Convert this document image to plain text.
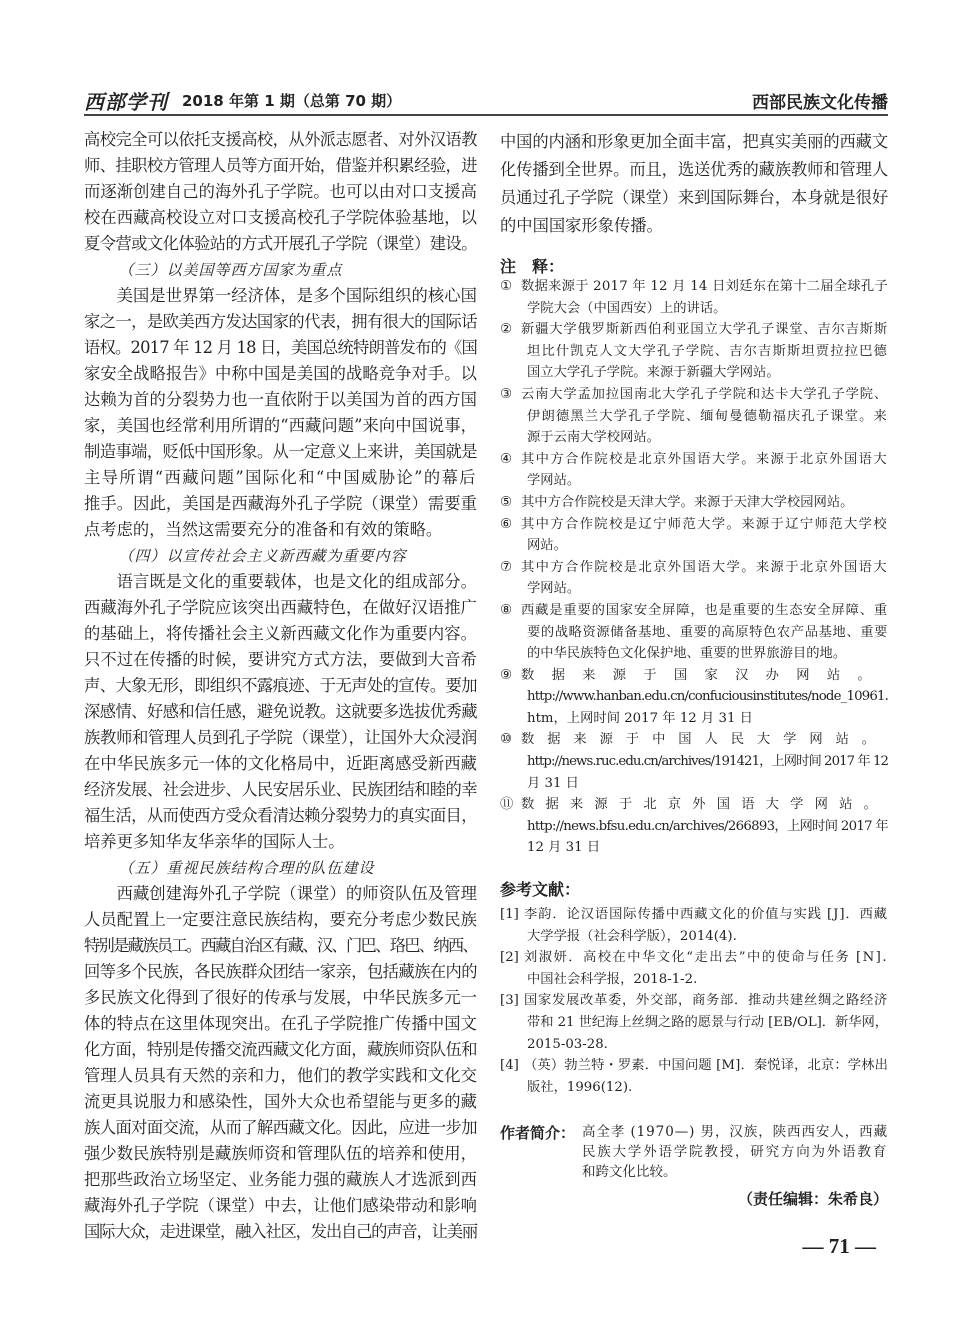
西部学刊 2018 年第 1 期（总第 70 期）	西部民族文化传播
高校完全可以依托支援高校，从外派志愿者、对外汉语教
师、挂职校方管理人员等方面开始，借鉴并积累经验，进
而逐渐创建自己的海外孔子学院。也可以由对口支援高
校在西藏高校设立对口支援高校孔子学院体验基地，以
夏令营或文化体验站的方式开展孔子学院（课堂）建设。
（三）以美国等西方国家为重点
美国是世界第一经济体，是多个国际组织的核心国
家之一，是欧美西方发达国家的代表，拥有很大的国际话
语权。2017 年 12 月 18 日，美国总统特朗普发布的《国
家安全战略报告》中称中国是美国的战略竞争对手。以
达赖为首的分裂势力也一直依附于以美国为首的西方国
家，美国也经常利用所谓的“西藏问题”来向中国说事，
制造事端，贬低中国形象。从一定意义上来讲，美国就是
主导所谓“西藏问题”国际化和“中国威胁论”的幕后
推手。因此，美国是西藏海外孔子学院（课堂）需要重
点考虑的，当然这需要充分的准备和有效的策略。
（四）以宣传社会主义新西藏为重要内容
语言既是文化的重要载体，也是文化的组成部分。
西藏海外孔子学院应该突出西藏特色，在做好汉语推广
的基础上，将传播社会主义新西藏文化作为重要内容。
只不过在传播的时候，要讲究方式方法，要做到大音希
声、大象无形，即组织不露痕迹、于无声处的宣传。要加
深感情、好感和信任感，避免说教。这就要多选拔优秀藏
族教师和管理人员到孔子学院（课堂），让国外大众浸润
在中华民族多元一体的文化格局中，近距离感受新西藏
经济发展、社会进步、人民安居乐业、民族团结和睦的幸
福生活，从而使西方受众看清达赖分裂势力的真实面目，
培养更多知华友华亲华的国际人士。
（五）重视民族结构合理的队伍建设
西藏创建海外孔子学院（课堂）的师资队伍及管理
人员配置上一定要注意民族结构，要充分考虑少数民族
特别是藏族员工。西藏自治区有藏、汉、门巴、珞巴、纳西、
回等多个民族，各民族群众团结一家亲，包括藏族在内的
多民族文化得到了很好的传承与发展，中华民族多元一
体的特点在这里体现突出。在孔子学院推广传播中国文
化方面，特别是传播交流西藏文化方面，藏族师资队伍和
管理人员具有天然的亲和力，他们的教学实践和文化交
流更具说服力和感染性，国外大众也希望能与更多的藏
族人面对面交流，从而了解西藏文化。因此，应进一步加
强少数民族特别是藏族师资和管理队伍的培养和使用，
把那些政治立场坚定、业务能力强的藏族人才选派到西
藏海外孔子学院（课堂）中去，让他们感染带动和影响
国际大众，走进课堂，融入社区，发出自己的声音，让美丽
中国的内涵和形象更加全面丰富，把真实美丽的西藏文
化传播到全世界。而且，选送优秀的藏族教师和管理人
员通过孔子学院（课堂）来到国际舞台，本身就是很好
的中国国家形象传播。
注　释：
① 数据来源于 2017 年 12 月 14 日刘廷东在第十二届全球孔子
学院大会（中国西安）上的讲话。
② 新疆大学俄罗斯新西伯利亚国立大学孔子课堂、吉尔吉斯斯
坦比什凯克人文大学孔子学院、吉尔吉斯斯坦贾拉拉巴德
国立大学孔子学院。来源于新疆大学网站。
③ 云南大学孟加拉国南北大学孔子学院和达卡大学孔子学院、
伊朗德黑兰大学孔子学院、缅甸曼德勒福庆孔子课堂。来
源于云南大学校网站。
④ 其中方合作院校是北京外国语大学。来源于北京外国语大
学网站。
⑤ 其中方合作院校是天津大学。来源于天津大学校园网站。
⑥ 其中方合作院校是辽宁师范大学。来源于辽宁师范大学校
网站。
⑦ 其中方合作院校是北京外国语大学。来源于北京外国语大
学网站。
⑧ 西藏是重要的国家安全屏障，也是重要的生态安全屏障、重
要的战略资源储备基地、重要的高原特色农产品基地、重要
的中华民族特色文化保护地、重要的世界旅游目的地。
⑨ 数据来源于国家汉办网站。
http://www.hanban.edu.cn/confuciousinstitutes/node_10961.
htm，上网时间 2017 年 12 月 31 日
⑩ 数据来源于中国人民大学网站。
http://news.ruc.edu.cn/archives/191421，上网时间 2017 年 12
月 31 日
⑪ 数据来源于北京外国语大学网站。
http://news.bfsu.edu.cn/archives/266893，上网时间 2017 年
12 月 31 日
参考文献：
[1] 李韵．论汉语国际传播中西藏文化的价值与实践 [J]．西藏
大学学报（社会科学版），2014(4).
[2] 刘淑妍．高校在中华文化“走出去”中的使命与任务 [N].
中国社会科学报，2018-1-2.
[3] 国家发展改革委，外交部，商务部．推动共建丝绸之路经济
带和 21 世纪海上丝绸之路的愿景与行动 [EB/OL]．新华网，
2015-03-28.
[4] （英）勃兰特・罗素．中国问题 [M]．秦悦译，北京：学林出
版社，1996(12).
作者简介： 高全孝 (1970—) 男，汉族，陕西西安人，西藏
民族大学外语学院教授，研究方向为外语教育
和跨文化比较。
（责任编辑：朱希良）
— 71 —
